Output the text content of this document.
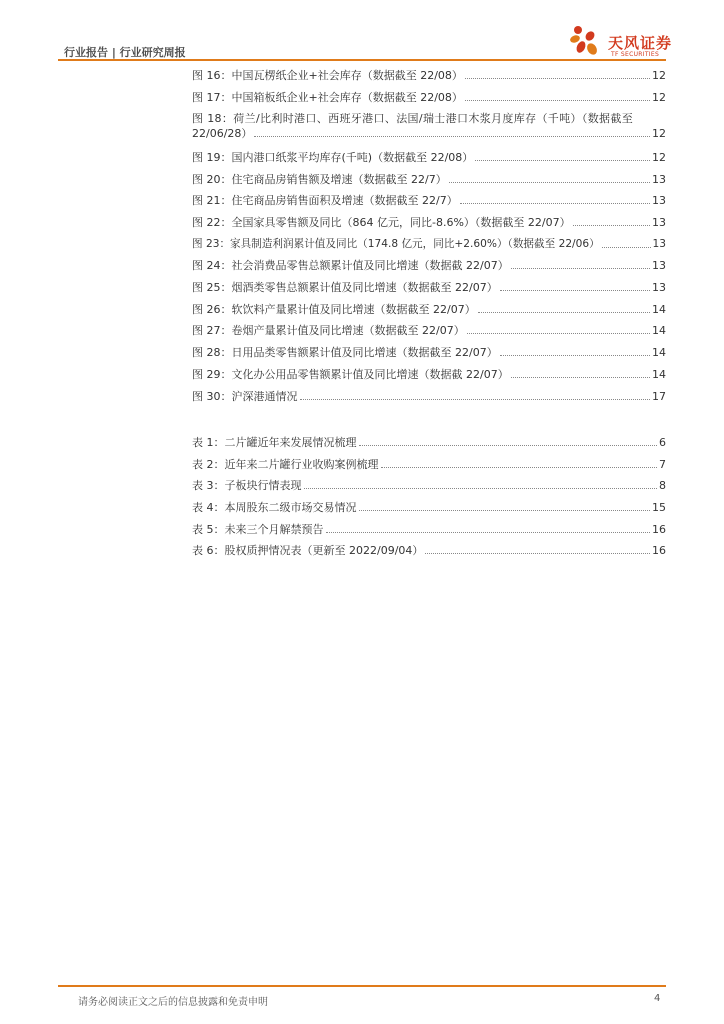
行业报告 | 行业研究周报
天风证券
TF SECURITIES
图 16：中国瓦楞纸企业+社会库存（数据截至 22/08）	12
图 17：中国箱板纸企业+社会库存（数据截至 22/08）	12
图 18：荷兰/比利时港口、西班牙港口、法国/瑞士港口木浆月度库存（千吨）（数据截至
22/06/28）	12
图 19：国内港口纸浆平均库存(千吨)（数据截至 22/08）	12
图 20：住宅商品房销售额及增速（数据截至 22/7）	13
图 21：住宅商品房销售面积及增速（数据截至 22/7）	13
图 22：全国家具零售额及同比（864 亿元，同比-8.6%）（数据截至 22/07）	13
图 23：家具制造利润累计值及同比（174.8 亿元，同比+2.60%）（数据截至 22/06）	13
图 24：社会消费品零售总额累计值及同比增速（数据截 22/07）	13
图 25：烟酒类零售总额累计值及同比增速（数据截至 22/07）	13
图 26：软饮料产量累计值及同比增速（数据截至 22/07）	14
图 27：卷烟产量累计值及同比增速（数据截至 22/07）	14
图 28：日用品类零售额累计值及同比增速（数据截至 22/07）	14
图 29：文化办公用品零售额累计值及同比增速（数据截 22/07）	14
图 30：沪深港通情况	17
表 1：二片罐近年来发展情况梳理	6
表 2：近年来二片罐行业收购案例梳理	7
表 3：子板块行情表现	8
表 4：本周股东二级市场交易情况	15
表 5：未来三个月解禁预告	16
表 6：股权质押情况表（更新至 2022/09/04）	16
请务必阅读正文之后的信息披露和免责申明	4
